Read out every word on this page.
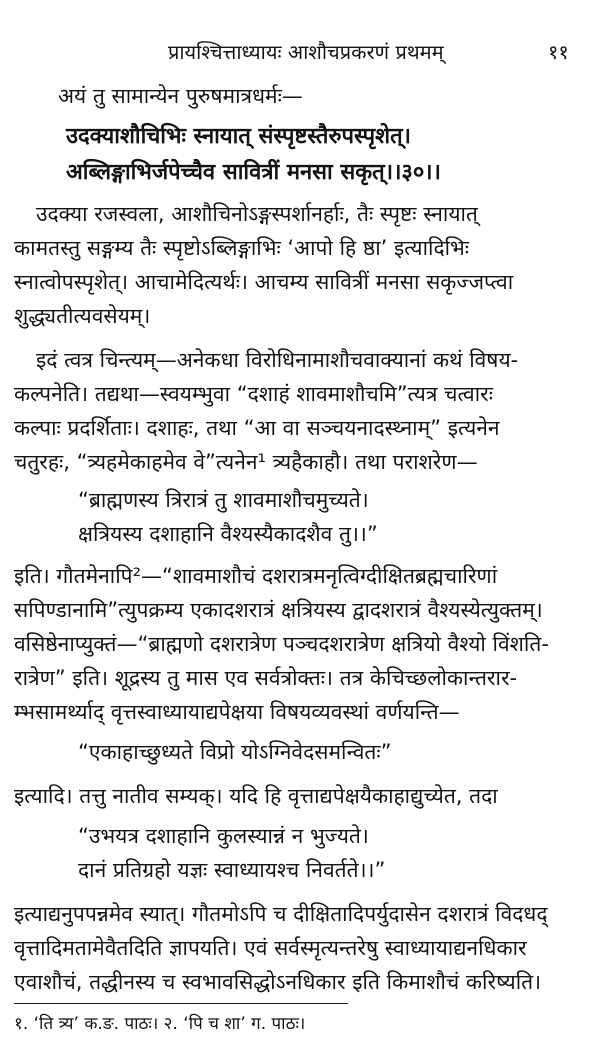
प्रायश्चित्ताध्यायः आशौचप्रकरणं प्रथमम्	११
अयं तु सामान्येन पुरुषमात्रधर्मः—
उदक्याशौचिभिः स्नायात् संस्पृष्टस्तैरुपस्पृशेत्।
अब्लिङ्गाभिर्जपेच्चैव सावित्रीं मनसा सकृत्।।३०।।
उदक्या रजस्वला, आशौचिनोऽङ्गस्पर्शानर्हाः, तैः स्पृष्टः स्नायात्
कामतस्तु सङ्गम्य तैः स्पृष्टोऽब्लिङ्गाभिः ‘आपो हि ष्ठा’ इत्यादिभिः
स्नात्वोपस्पृशेत्। आचामेदित्यर्थः। आचम्य सावित्रीं मनसा सकृज्जप्त्वा
शुद्ध्यतीत्यवसेयम्।
इदं त्वत्र चिन्त्यम्—अनेकधा विरोधिनामाशौचवाक्यानां कथं विषय-
कल्पनेति। तद्यथा—स्वयम्भुवा “दशाहं शावमाशौचमि”त्यत्र चत्वारः
कल्पाः प्रदर्शिताः। दशाहः, तथा “आ वा सञ्चयनादस्थ्नाम्” इत्यनेन
चतुरहः, “त्र्यहमेकाहमेव वे”त्यनेन¹ त्र्यहैकाहौ। तथा पराशरेण—
“ब्राह्मणस्य त्रिरात्रं तु शावमाशौचमुच्यते।
क्षत्रियस्य दशाहानि वैश्यस्यैकादशैव तु।।”
इति। गौतमेनापि²—“शावमाशौचं दशरात्रमनृत्विग्दीक्षितब्रह्मचारिणां
सपिण्डानामि”त्युपक्रम्य एकादशरात्रं क्षत्रियस्य द्वादशरात्रं वैश्यस्येत्युक्तम्।
वसिष्ठेनाप्युक्तं—“ब्राह्मणो दशरात्रेण पञ्चदशरात्रेण क्षत्रियो वैश्यो विंशति-
रात्रेण” इति। शूद्रस्य तु मास एव सर्वत्रोक्तः। तत्र केचिच्छलोकान्तरार-
म्भसामर्थ्याद् वृत्तस्वाध्यायाद्यपेक्षया विषयव्यवस्थां वर्णयन्ति—
“एकाहाच्छुध्यते विप्रो योऽग्निवेदसमन्वितः”
इत्यादि। तत्तु नातीव सम्यक्। यदि हि वृत्ताद्यपेक्षयैकाहाद्युच्येत, तदा
“उभयत्र दशाहानि कुलस्यान्नं न भुज्यते।
दानं प्रतिग्रहो यज्ञः स्वाध्यायश्च निवर्तते।।”
इत्याद्यनुपपन्नमेव स्यात्। गौतमोऽपि च दीक्षितादिपर्युदासेन दशरात्रं विदधद्
वृत्तादिमतामेवैतदिति ज्ञापयति। एवं सर्वस्मृत्यन्तरेषु स्वाध्यायाद्यनधिकार
एवाशौचं, तद्धीनस्य च स्वभावसिद्धोऽनधिकार इति किमाशौचं करिष्यति।
१. ‘ति त्र्य’ क.ङ. पाठः। २. ‘पि च शा’ ग. पाठः।
